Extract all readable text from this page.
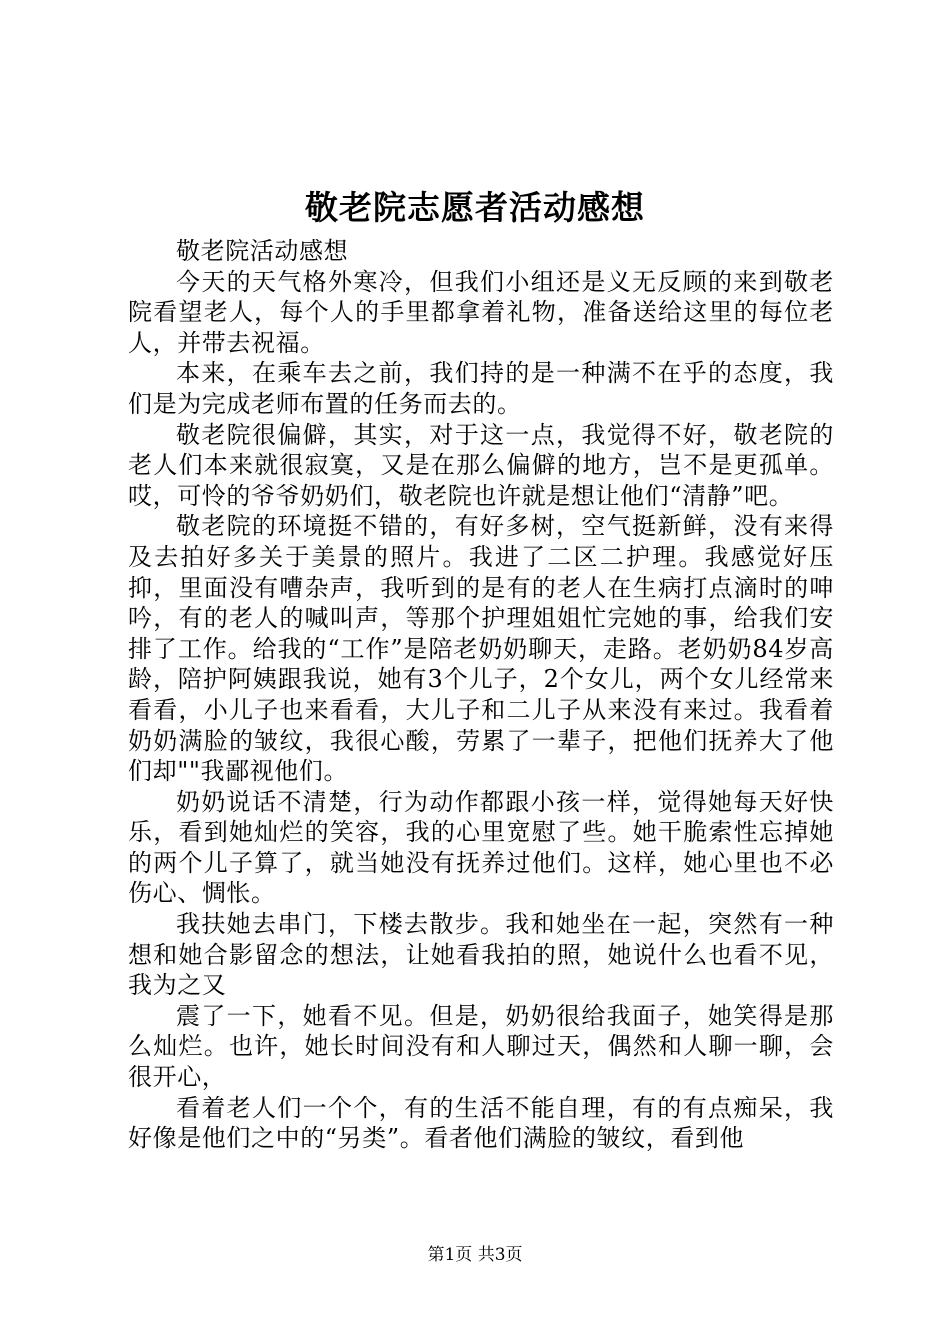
敬老院志愿者活动感想

敬老院活动感想

今天的天气格外寒冷，但我们小组还是义无反顾的来到敬老院看望老人，每个人的手里都拿着礼物，准备送给这里的每位老人，并带去祝福。

本来，在乘车去之前，我们持的是一种满不在乎的态度，我们是为完成老师布置的任务而去的。

敬老院很偏僻，其实，对于这一点，我觉得不好，敬老院的老人们本来就很寂寞，又是在那么偏僻的地方，岂不是更孤单。哎，可怜的爷爷奶奶们，敬老院也许就是想让他们“清静”吧。

敬老院的环境挺不错的，有好多树，空气挺新鲜，没有来得及去拍好多关于美景的照片。我进了二区二护理。我感觉好压抑，里面没有嘈杂声，我听到的是有的老人在生病打点滴时的呻吟，有的老人的喊叫声，等那个护理姐姐忙完她的事，给我们安排了工作。给我的“工作”是陪老奶奶聊天，走路。老奶奶84岁高龄，陪护阿姨跟我说，她有3个儿子，2个女儿，两个女儿经常来看看，小儿子也来看看，大儿子和二儿子从来没有来过。我看着奶奶满脸的皱纹，我很心酸，劳累了一辈子，把他们抚养大了他们却""我鄙视他们。

奶奶说话不清楚，行为动作都跟小孩一样，觉得她每天好快乐，看到她灿烂的笑容，我的心里宽慰了些。她干脆索性忘掉她的两个儿子算了，就当她没有抚养过他们。这样，她心里也不必伤心、惆怅。

我扶她去串门，下楼去散步。我和她坐在一起，突然有一种想和她合影留念的想法，让她看我拍的照，她说什么也看不见，我为之又

震了一下，她看不见。但是，奶奶很给我面子，她笑得是那么灿烂。也许，她长时间没有和人聊过天，偶然和人聊一聊，会很开心，

看着老人们一个个，有的生活不能自理，有的有点痴呆，我好像是他们之中的“另类”。看者他们满脸的皱纹，看到他

第1页 共3页
